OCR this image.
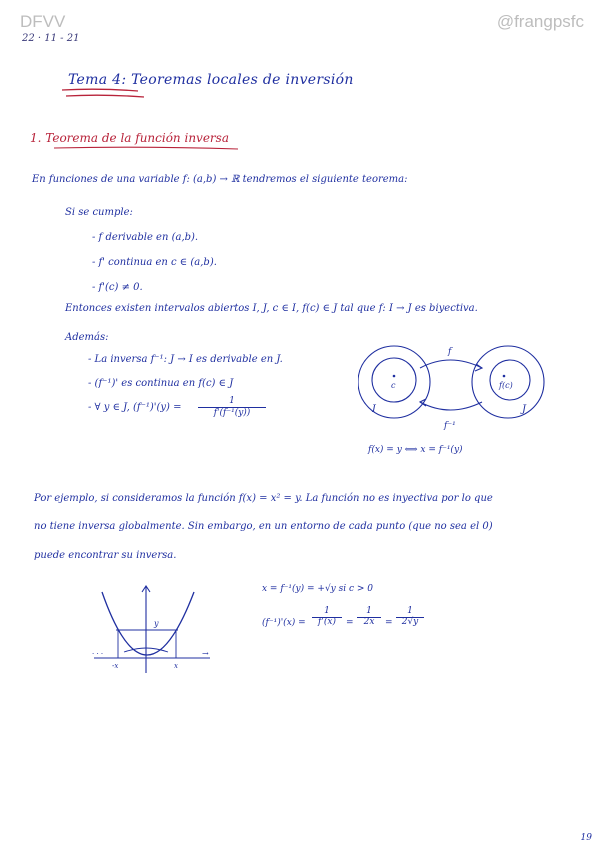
DFVV	@frangpsfc
22 · 11 - 21
Tema 4: Teoremas locales de inversión
1. Teorema de la función inversa
En funciones de una variable f: (a,b) → ℝ tendremos el siguiente teorema:
Si se cumple:
- f derivable en (a,b).
- f' continua en c ∈ (a,b).
- f'(c) ≠ 0.
Entonces existen intervalos abiertos I, J, c ∈ I, f(c) ∈ J tal que f: I → J es biyectiva.
Además:
- La inversa f⁻¹: J → I es derivable en J.
- (f⁻¹)' es continua en f(c) ∈ J
- ∀ y ∈ J, $(f^{-1})'(y) = \frac{1}{\text{f'(f⁻¹(y))}}$
f
f⁻¹
I	J
c	f(c)
f(x) = y ⟺ x = f⁻¹(y)
Por ejemplo, si consideramos la función f(x) = x² = y. La función no es inyectiva por lo que
no tiene inversa globalmente. Sin embargo, en un entorno de cada punto (que no sea el 0)
puede encontrar su inversa.
y
-x	x
· · ·	→
x = f⁻¹(y) = +√y si c > 0
(f⁻¹)'(x) =
1
f'(x)	=
1
2x	=
1
2√y
19
